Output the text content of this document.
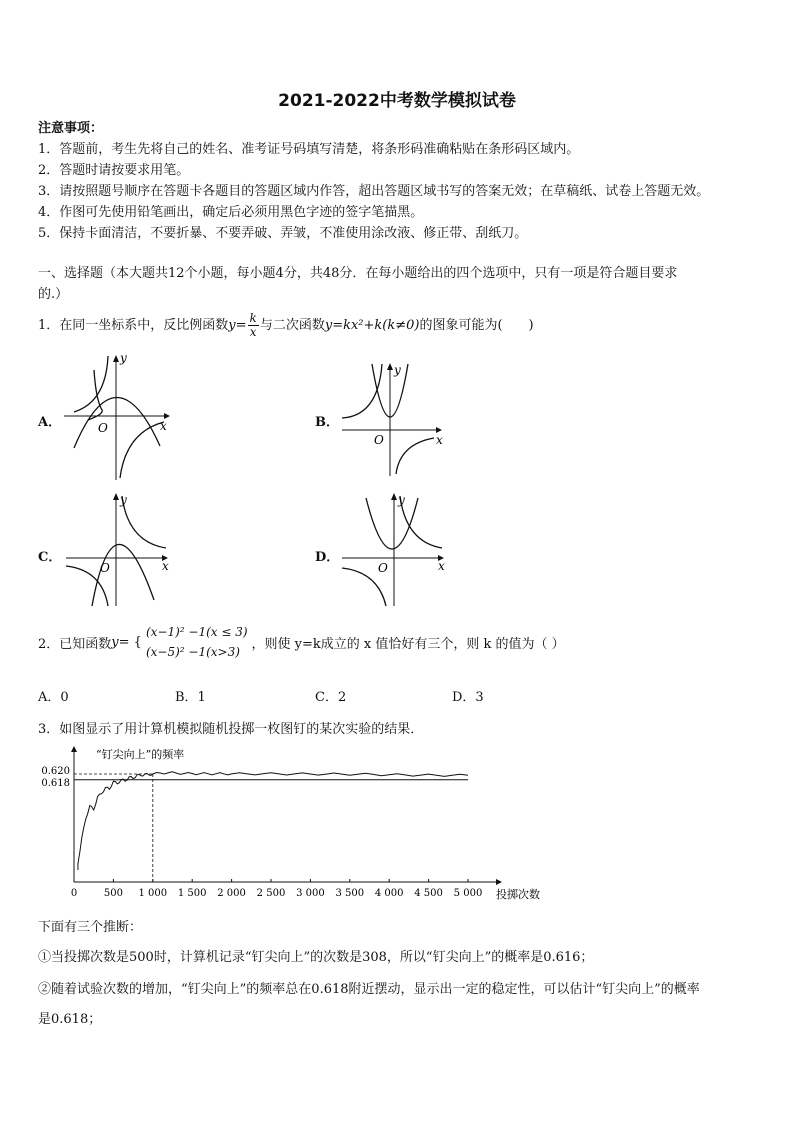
2021-2022中考数学模拟试卷
注意事项：
1．答题前，考生先将自己的姓名、准考证号码填写清楚，将条形码准确粘贴在条形码区域内。
2．答题时请按要求用笔。
3．请按照题号顺序在答题卡各题目的答题区域内作答，超出答题区域书写的答案无效；在草稿纸、试卷上答题无效。
4．作图可先使用铅笔画出，确定后必须用黑色字迹的签字笔描黑。
5．保持卡面清洁，不要折暴、不要弄破、弄皱，不准使用涂改液、修正带、刮纸刀。
一、选择题（本大题共12个小题，每小题4分，共48分．在每小题给出的四个选项中，只有一项是符合题目要求
的.）
1．在同一坐标系中，反比例函数$y= \frac{k}{x}$ 与二次函数y=kx²+k(k≠0)的图象可能为(　　)
A．	B．
C．	D．
y
x
O
y
x
O
y
x
O
y
x
O
2．已知函数 y = {
(x−1)² −1(x ≤ 3)
(x−5)² −1(x>3)
，则使 y=k成立的 x 值恰好有三个，则 k 的值为（ ）
A．0	B．1	C．2	D．3
3．如图显示了用计算机模拟随机投掷一枚图钉的某次实验的结果．
“钉尖向上”的频率
投掷次数
0	500 1 000 1 500 2 000 2 500 3 000 3 500 4 000 4 500 5 000
0.620
0.618
下面有三个推断：
①当投掷次数是500时，计算机记录“钉尖向上”的次数是308，所以“钉尖向上”的概率是0.616；
②随着试验次数的增加，“钉尖向上”的频率总在0.618附近摆动，显示出一定的稳定性，可以估计“钉尖向上”的概率
是0.618；
